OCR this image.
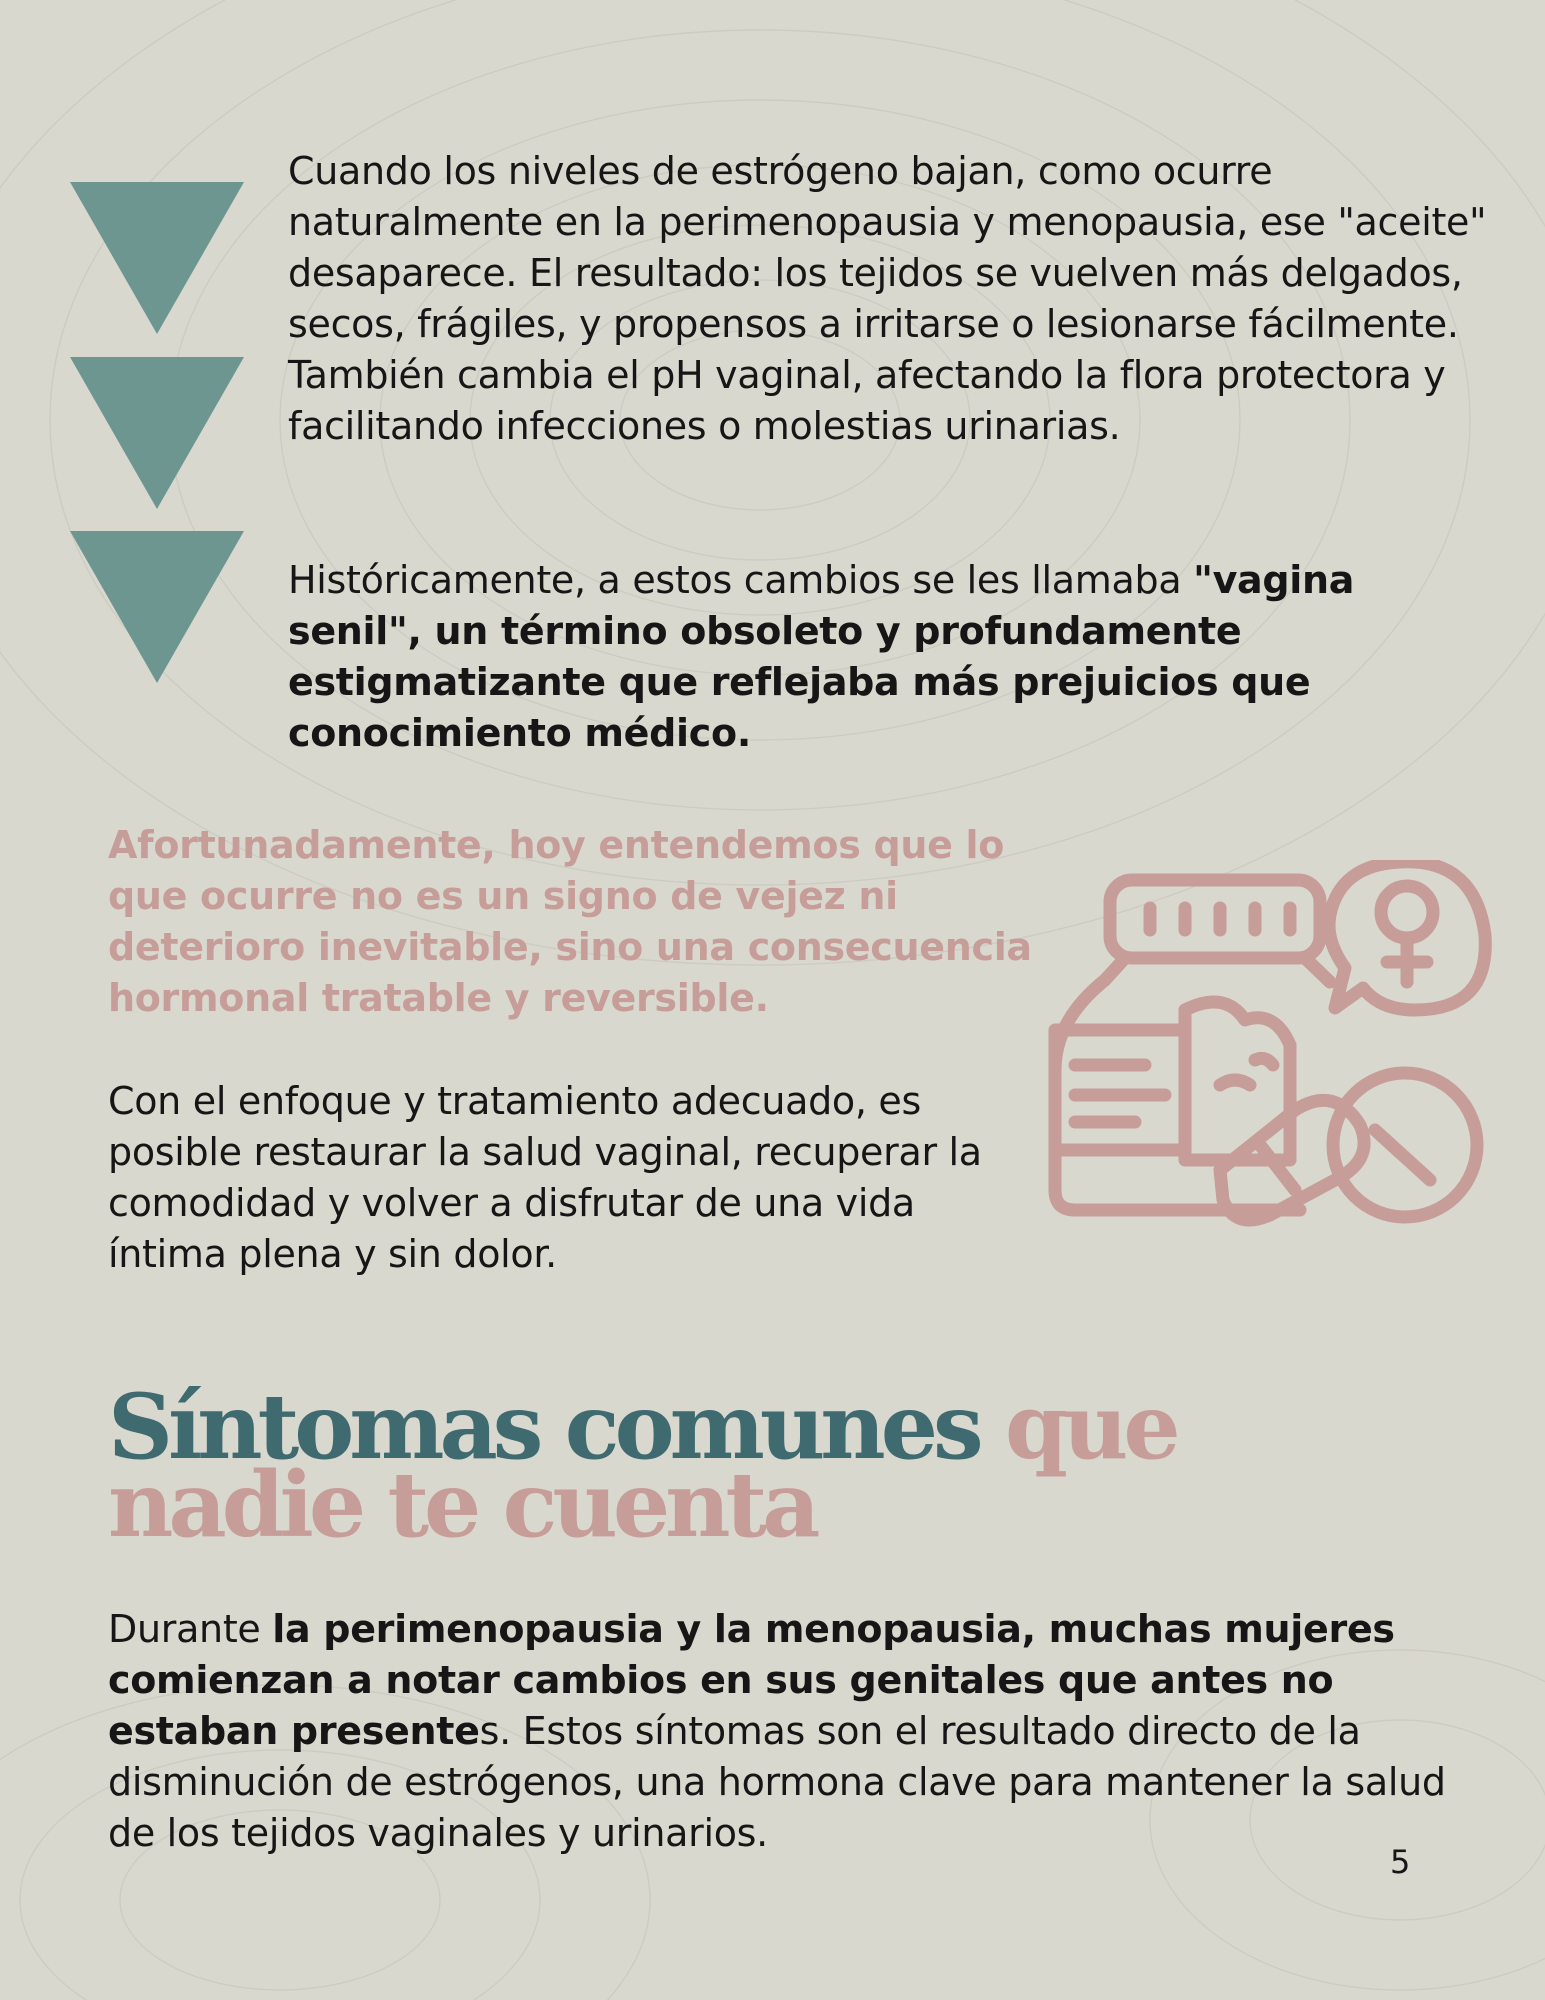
Cuando los niveles de estrógeno bajan, como ocurre naturalmente en la perimenopausia y menopausia, ese "aceite" desaparece. El resultado: los tejidos se vuelven más delgados, secos, frágiles, y propensos a irritarse o lesionarse fácilmente. También cambia el pH vaginal, afectando la flora protectora y facilitando infecciones o molestias urinarias.

Históricamente, a estos cambios se les llamaba "vagina senil", un término obsoleto y profundamente estigmatizante que reflejaba más prejuicios que conocimiento médico.

Afortunadamente, hoy entendemos que lo que ocurre no es un signo de vejez ni deterioro inevitable, sino una consecuencia hormonal tratable y reversible.

Con el enfoque y tratamiento adecuado, es posible restaurar la salud vaginal, recuperar la comodidad y volver a disfrutar de una vida íntima plena y sin dolor.

Síntomas comunes que nadie te cuenta

Durante la perimenopausia y la menopausia, muchas mujeres comienzan a notar cambios en sus genitales que antes no estaban presentes. Estos síntomas son el resultado directo de la disminución de estrógenos, una hormona clave para mantener la salud de los tejidos vaginales y urinarios.

5
